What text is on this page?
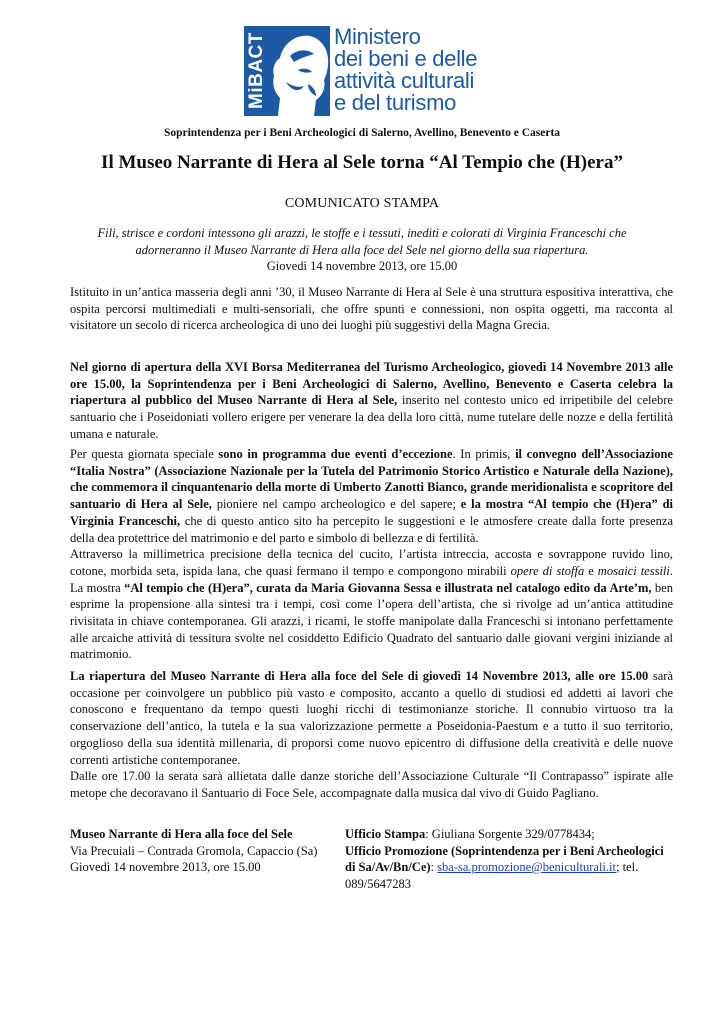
MiBACT	Ministero
dei beni e delle
attività culturali
e del turismo
Soprintendenza per i Beni Archeologici di Salerno, Avellino, Benevento e Caserta
Il Museo Narrante di Hera al Sele torna “Al Tempio che (H)era”
COMUNICATO STAMPA
Fili, strisce e cordoni intessono gli arazzi, le stoffe e i tessuti, inediti e colorati di Virginia Franceschi che adorneranno il Museo Narrante di Hera alla foce del Sele nel giorno della sua riapertura.
Giovedì 14 novembre 2013, ore 15.00

Istituito in un’antica masseria degli anni ’30, il Museo Narrante di Hera al Sele è una struttura espositiva interattiva, che ospita percorsi multimediali e multi-sensoriali, che offre spunti e connessioni, non ospita oggetti, ma racconta al visitatore un secolo di ricerca archeologica di uno dei luoghi più suggestivi della Magna Grecia.

Nel giorno di apertura della XVI Borsa Mediterranea del Turismo Archeologico, giovedì 14 Novembre 2013 alle ore 15.00, la Soprintendenza per i Beni Archeologici di Salerno, Avellino, Benevento e Caserta celebra la riapertura al pubblico del Museo Narrante di Hera al Sele, inserito nel contesto unico ed irripetibile del celebre santuario che i Poseidoniati vollero erigere per venerare la dea della loro città, nume tutelare delle nozze e della fertilità umana e naturale.

Per questa giornata speciale sono in programma due eventi d’eccezione. In primis, il convegno dell’Associazione “Italia Nostra” (Associazione Nazionale per la Tutela del Patrimonio Storico Artistico e Naturale della Nazione), che commemora il cinquantenario della morte di Umberto Zanotti Bianco, grande meridionalista e scopritore del santuario di Hera al Sele, pioniere nel campo archeologico e del sapere; e la mostra “Al tempio che (H)era” di Virginia Franceschi, che di questo antico sito ha percepito le suggestioni e le atmosfere create dalla forte presenza della dea protettrice del matrimonio e del parto e simbolo di bellezza e di fertilità.

Attraverso la millimetrica precisione della tecnica del cucito, l’artista intreccia, accosta e sovrappone ruvido lino, cotone, morbida seta, ispida lana, che quasi fermano il tempo e compongono mirabili opere di stoffa e mosaici tessili. La mostra “Al tempio che (H)era”, curata da Maria Giovanna Sessa e illustrata nel catalogo edito da Arte’m, ben esprime la propensione alla sintesi tra i tempi, così come l’opera dell’artista, che si rivolge ad un’antica attitudine rivisitata in chiave contemporanea. Gli arazzi, i ricami, le stoffe manipolate dalla Franceschi si intonano perfettamente alle arcaiche attività di tessitura svolte nel cosiddetto Edificio Quadrato del santuario dalle giovani vergini iniziande al matrimonio.

La riapertura del Museo Narrante di Hera alla foce del Sele di giovedì 14 Novembre 2013, alle ore 15.00 sarà occasione per coinvolgere un pubblico più vasto e composito, accanto a quello di studiosi ed addetti ai lavori che conoscono e frequentano da tempo questi luoghi ricchi di testimonianze storiche. Il connubio virtuoso tra la conservazione dell’antico, la tutela e la sua valorizzazione permette a Poseidonia-Paestum e a tutto il suo territorio, orgoglioso della sua identità millenaria, di proporsi come nuovo epicentro di diffusione della creatività e delle nuove correnti artistiche contemporanee.

Dalle ore 17.00 la serata sarà allietata dalle danze storiche dell’Associazione Culturale “Il Contrapasso” ispirate alle metope che decoravano il Santuario di Foce Sele, accompagnate dalla musica dal vivo di Guido Pagliano.

Museo Narrante di Hera alla foce del Sele
Via Precuiali – Contrada Gromola, Capaccio (Sa)
Giovedì 14 novembre 2013, ore 15.00
Ufficio Stampa: Giuliana Sorgente 329/0778434;
Ufficio Promozione (Soprintendenza per i Beni Archeologici di Sa/Av/Bn/Ce): sba-sa.promozione@beniculturali.it; tel. 089/5647283
